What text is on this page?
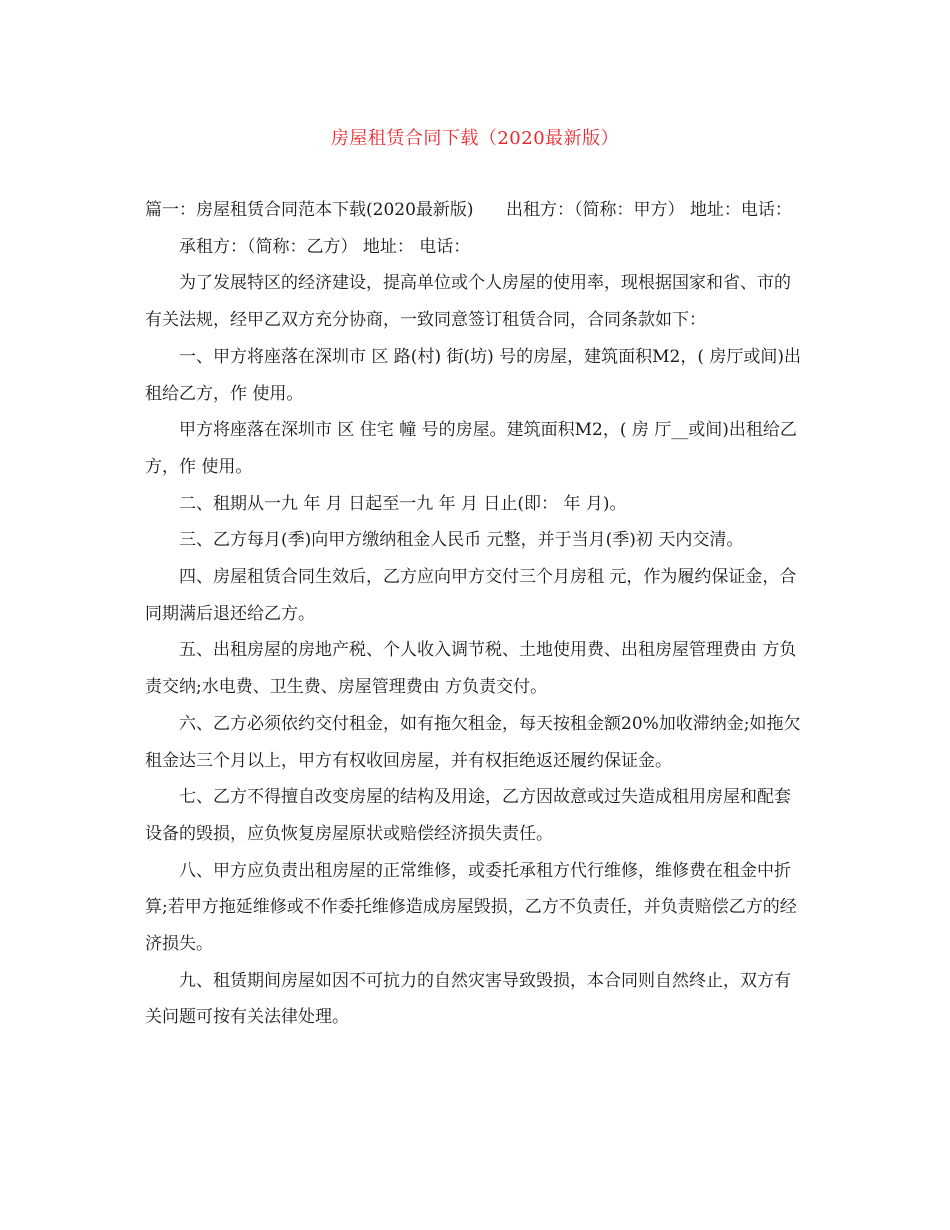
房屋租赁合同下载（2020最新版）

篇一：房屋租赁合同范本下载(2020最新版)      出租方：（简称：甲方） 地址：电话：

承租方：（简称：乙方） 地址： 电话：

为了发展特区的经济建设，提高单位或个人房屋的使用率，现根据国家和省、市的有关法规，经甲乙双方充分协商，一致同意签订租赁合同，合同条款如下：

一、甲方将座落在深圳市 区 路(村) 街(坊) 号的房屋，建筑面积M2，( 房厅或间)出租给乙方，作 使用。

甲方将座落在深圳市 区 住宅 幢 号的房屋。建筑面积M2，( 房 厅__或间)出租给乙方，作 使用。

二、租期从一九 年 月 日起至一九 年 月 日止(即： 年 月)。

三、乙方每月(季)向甲方缴纳租金人民币 元整，并于当月(季)初 天内交清。

四、房屋租赁合同生效后，乙方应向甲方交付三个月房租 元，作为履约保证金，合同期满后退还给乙方。

五、出租房屋的房地产税、个人收入调节税、土地使用费、出租房屋管理费由 方负责交纳;水电费、卫生费、房屋管理费由 方负责交付。

六、乙方必须依约交付租金，如有拖欠租金，每天按租金额20%加收滞纳金;如拖欠租金达三个月以上，甲方有权收回房屋，并有权拒绝返还履约保证金。

七、乙方不得擅自改变房屋的结构及用途，乙方因故意或过失造成租用房屋和配套设备的毁损，应负恢复房屋原状或赔偿经济损失责任。

八、甲方应负责出租房屋的正常维修，或委托承租方代行维修，维修费在租金中折算;若甲方拖延维修或不作委托维修造成房屋毁损，乙方不负责任，并负责赔偿乙方的经济损失。

九、租赁期间房屋如因不可抗力的自然灾害导致毁损，本合同则自然终止，双方有关问题可按有关法律处理。
